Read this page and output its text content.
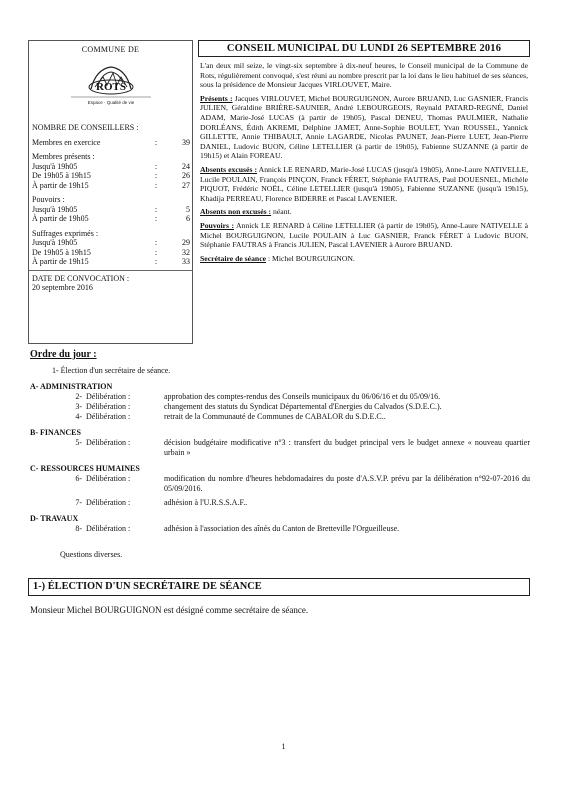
COMMUNE DE
ROTS
Espace · Qualité de vie
NOMBRE DE CONSEILLERS :
Membres en exercice	:	39
Membres présents :
Jusqu'à 19h05	:	24
De 19h05 à 19h15	:	26
À partir de 19h15	:	27
Pouvoirs :
Jusqu'à 19h05	:	5
À partir de 19h05	:	6
Suffrages exprimés :
Jusqu'à 19h05	:	29
De 19h05 à 19h15	:	32
À partir de 19h15	:	33
DATE DE CONVOCATION :
20 septembre 2016
CONSEIL MUNICIPAL DU LUNDI 26 SEPTEMBRE 2016

L'an deux mil seize, le vingt-six septembre à dix-neuf heures, le Conseil municipal de la Commune de Rots, régulièrement convoqué, s'est réuni au nombre prescrit par la loi dans le lieu habituel de ses séances, sous la présidence de Monsieur Jacques VIRLOUVET, Maire.

Présents : Jacques VIRLOUVET, Michel BOURGUIGNON, Aurore BRUAND, Luc GASNIER, Francis JULIEN, Géraldine BRIÈRE-SAUNIER, André LEBOURGEOIS, Reynald PATARD-REGNÉ, Daniel ADAM, Marie-José LUCAS (à partir de 19h05), Pascal DENEU, Thomas PAULMIER, Nathalie DORLÉANS, Édith AKREMI, Delphine JAMET, Anne-Sophie BOULET, Yvan ROUSSEL, Yannick GILLETTE, Annie THIBAULT, Annie LAGARDE, Nicolas PAUNET, Jean-Pierre LUET, Jean-Pierre DANIEL, Ludovic BUON, Céline LETELLIER (à partir de 19h05), Fabienne SUZANNE (à partir de 19h15) et Alain FOREAU.

Absents excusés : Annick LE RENARD, Marie-José LUCAS (jusqu'à 19h05), Anne-Laure NATIVELLE, Lucile POULAIN, François PINÇON, Franck FÉRET, Stéphanie FAUTRAS, Paul DOUESNEL, Michèle PIQUOT, Frédéric NOËL, Céline LETELLIER (jusqu'à 19h05), Fabienne SUZANNE (jusqu'à 19h15), Khadija PERREAU, Florence BIDERRE et Pascal LAVENIER.

Absents non excusés : néant.

Pouvoirs : Annick LE RENARD à Céline LETELLIER (à partir de 19h05), Anne-Laure NATIVELLE à Michel BOURGUIGNON, Lucile POULAIN à Luc GASNIER, Franck FÉRET à Ludovic BUON, Stéphanie FAUTRAS à Francis JULIEN, Pascal LAVENIER à Aurore BRUAND.

Secrétaire de séance : Michel BOURGUIGNON.

Ordre du jour :
1- Élection d'un secrétaire de séance.
A- ADMINISTRATION
2- Délibération :	approbation des comptes-rendus des Conseils municipaux du 06/06/16 et du 05/09/16.
3- Délibération :	changement des statuts du Syndicat Départemental d'Energies du Calvados (S.D.E.C.).
4- Délibération :	retrait de la Communauté de Communes de CABALOR du S.D.E.C..
B- FINANCES
5- Délibération :	décision budgétaire modificative n°3 : transfert du budget principal vers le budget annexe « nouveau quartier urbain »
C- RESSOURCES HUMAINES
6- Délibération :	modification du nombre d'heures hebdomadaires du poste d'A.S.V.P. prévu par la délibération n°92-07-2016 du 05/09/2016.
7- Délibération :	adhésion à l'U.R.S.S.A.F..
D- TRAVAUX
8- Délibération :	adhésion à l'association des aînés du Canton de Bretteville l'Orgueilleuse.
Questions diverses.
1-) ÉLECTION D'UN SECRÉTAIRE DE SÉANCE
Monsieur Michel BOURGUIGNON est désigné comme secrétaire de séance.
1
